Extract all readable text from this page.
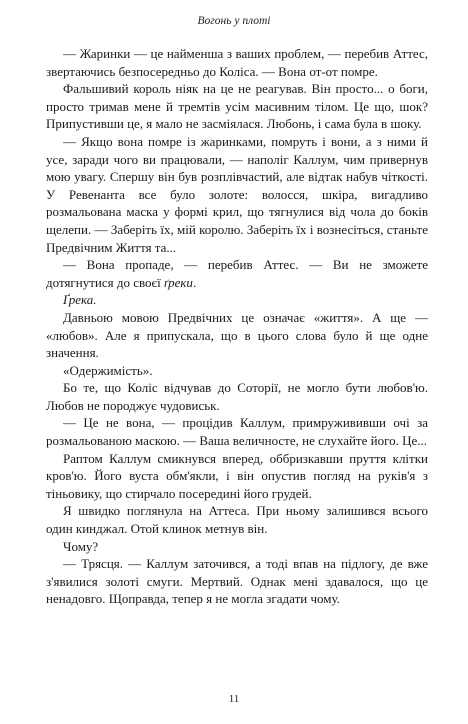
Вогонь у плоті

— Жаринки — це найменша з ваших проблем, — перебив Аттес, звертаючись безпосередньо до Коліса. — Вона от-от помре.

Фальшивий король ніяк на це не реагував. Він просто... о боги, просто тримав мене й тремтів усім масивним тілом. Це що, шок? Припустивши це, я мало не засміялася. Любонь, і сама була в шоку.

— Якщо вона помре із жаринками, помруть і вони, а з ними й усе, заради чого ви працювали, — наполіг Каллум, чим привернув мою увагу. Спершу він був розплівчастий, але відтак набув чіткості. У Ревенанта все було золоте: волосся, шкіра, вигадливо розмальована маска у формі крил, що тягнулися від чола до боків щелепи. — Заберіть їх, мій королю. Заберіть їх і вознесіться, станьте Предвічним Життя та...

— Вона пропаде, — перебив Аттес. — Ви не зможете дотягнутися до своєї ґреки.

Ґрека.

Давньою мовою Предвічних це означає «життя». А ще — «любов». Але я припускала, що в цього слова було й ще одне значення.

«Одержимість».

Бо те, що Коліс відчував до Соторії, не могло бути любов'ю. Любов не породжує чудовиськ.

— Це не вона, — процідив Каллум, примружививши очі за розмальованою маскою. — Ваша величносте, не слухайте його. Це...

Раптом Каллум смикнувся вперед, оббризкавши пруття клітки кров'ю. Його вуста обм'якли, і він опустив погляд на руків'я з тіньовику, що стирчало посередині його грудей.

Я швидко поглянула на Аттеса. При ньому залишився всього один кинджал. Отой клинок метнув він.

Чому?

— Трясця. — Каллум заточився, а тоді впав на підлогу, де вже з'явилися золоті смуги. Мертвий. Однак мені здавалося, що це ненадовго. Щоправда, тепер я не могла згадати чому.

11
